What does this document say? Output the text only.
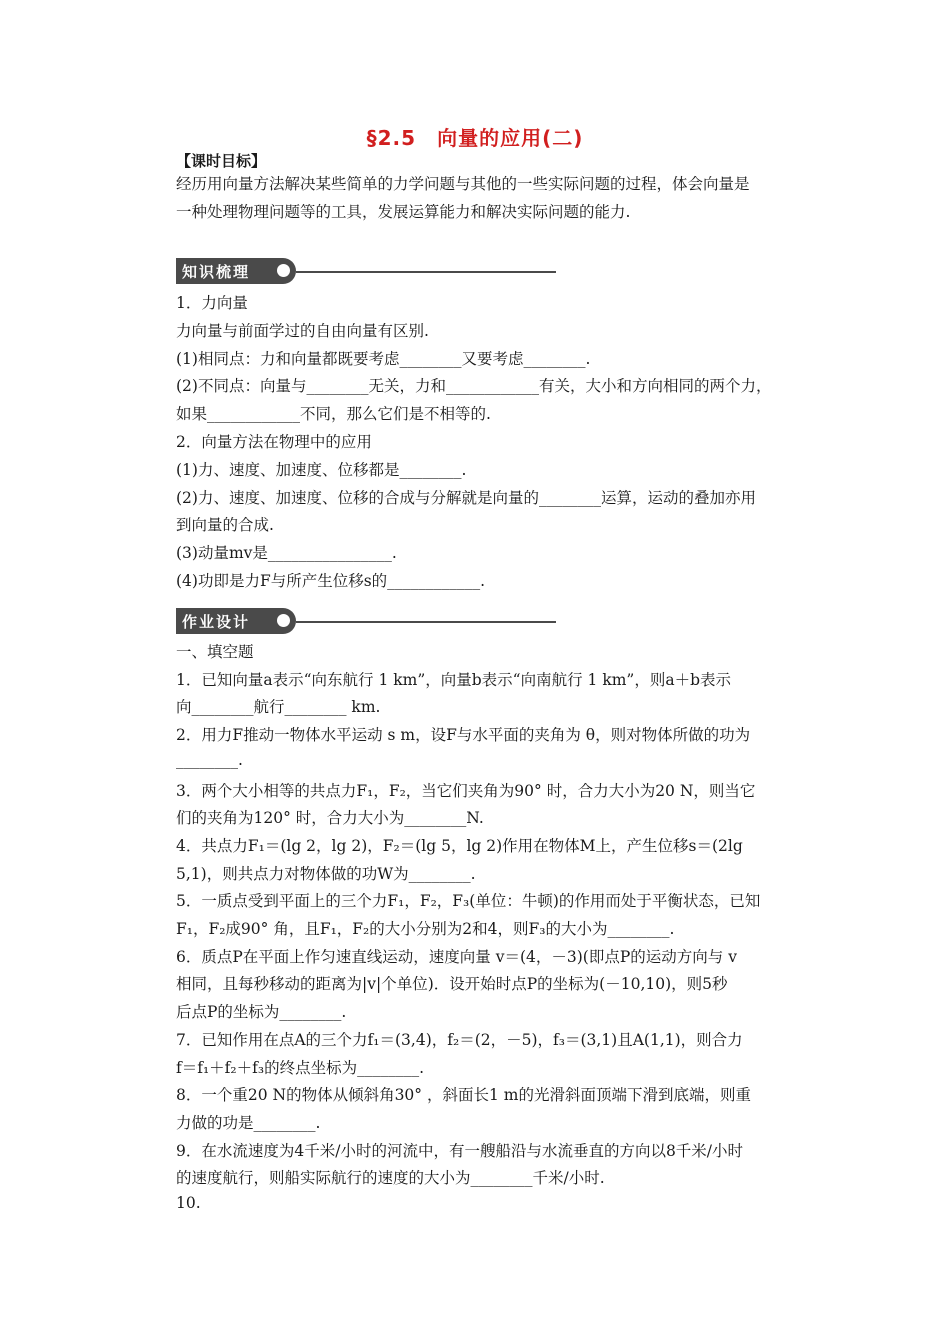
§2.5　向量的应用(二)
【课时目标】
经历用向量方法解决某些简单的力学问题与其他的一些实际问题的过程，体会向量是
一种处理物理问题等的工具，发展运算能力和解决实际问题的能力.
知识梳理
1．力向量
力向量与前面学过的自由向量有区别.
(1)相同点：力和向量都既要考虑________又要考虑________.
(2)不同点：向量与________无关，力和____________有关，大小和方向相同的两个力，
如果____________不同，那么它们是不相等的.
2．向量方法在物理中的应用
(1)力、速度、加速度、位移都是________.
(2)力、速度、加速度、位移的合成与分解就是向量的________运算，运动的叠加亦用
到向量的合成.
(3)动量mv是________________.
(4)功即是力F与所产生位移s的____________.
作业设计
一、填空题
1．已知向量a表示“向东航行 1 km”，向量b表示“向南航行 1 km”，则a＋b表示
向________航行________ km.
2．用力F推动一物体水平运动 s m，设F与水平面的夹角为 θ，则对物体所做的功为
________.
3．两个大小相等的共点力F₁，F₂，当它们夹角为90° 时，合力大小为20 N，则当它
们的夹角为120° 时，合力大小为________N.
4．共点力F₁＝(lg 2，lg 2)，F₂＝(lg 5，lg 2)作用在物体M上，产生位移s＝(2lg
5,1)，则共点力对物体做的功W为________.
5．一质点受到平面上的三个力F₁，F₂，F₃(单位：牛顿)的作用而处于平衡状态，已知
F₁，F₂成90° 角，且F₁，F₂的大小分别为2和4，则F₃的大小为________.
6．质点P在平面上作匀速直线运动，速度向量 v＝(4，－3)(即点P的运动方向与 v
相同，且每秒移动的距离为|v|个单位)．设开始时点P的坐标为(－10,10)，则5秒
后点P的坐标为________.
7．已知作用在点A的三个力f₁＝(3,4)，f₂＝(2，－5)，f₃＝(3,1)且A(1,1)，则合力
f＝f₁＋f₂＋f₃的终点坐标为________.
8．一个重20 N的物体从倾斜角30° ，斜面长1 m的光滑斜面顶端下滑到底端，则重
力做的功是________.
9．在水流速度为4千米/小时的河流中，有一艘船沿与水流垂直的方向以8千米/小时
的速度航行，则船实际航行的速度的大小为________千米/小时.
10.
